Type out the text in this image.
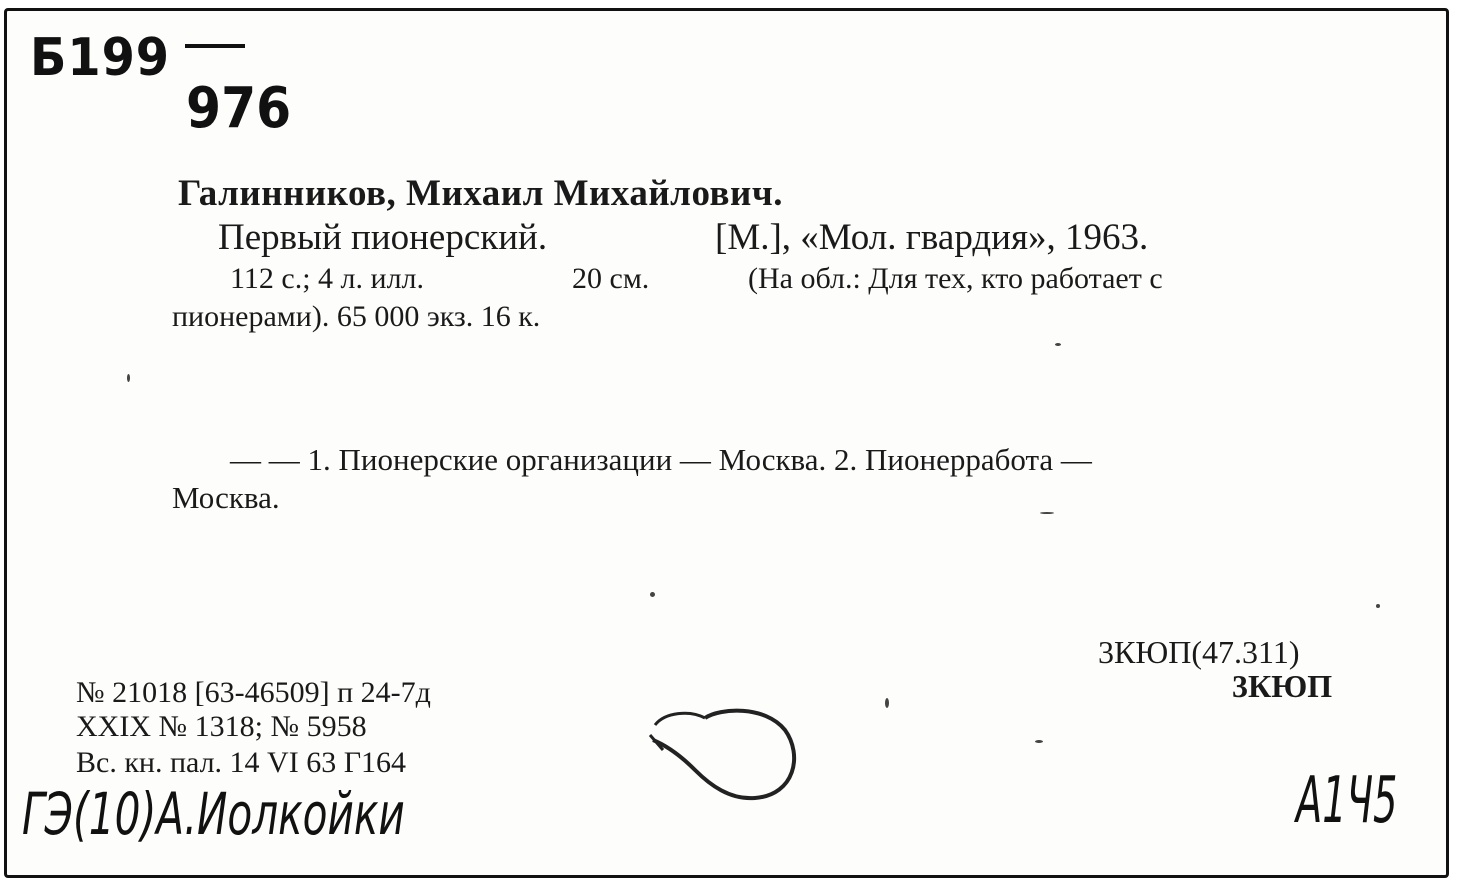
Б199
976
Галинников, Михаил Михайлович.
Первый пионерский.	[М.], «Мол. гвардия», 1963.
112 с.; 4 л. илл.	20 см.	(На обл.: Для тех, кто работает с
пионерами). 65 000 экз. 16 к.
— — 1. Пионерские организации — Москва. 2. Пионерработа —
Москва.
3КЮП(47.311)
3КЮП
№ 21018 [63-46509] п 24-7д
XXIX № 1318; № 5958
Вс. кн. пал. 14 VI 63 Г164
ГЭ(10)А.Иолкойки	А1Ч5
